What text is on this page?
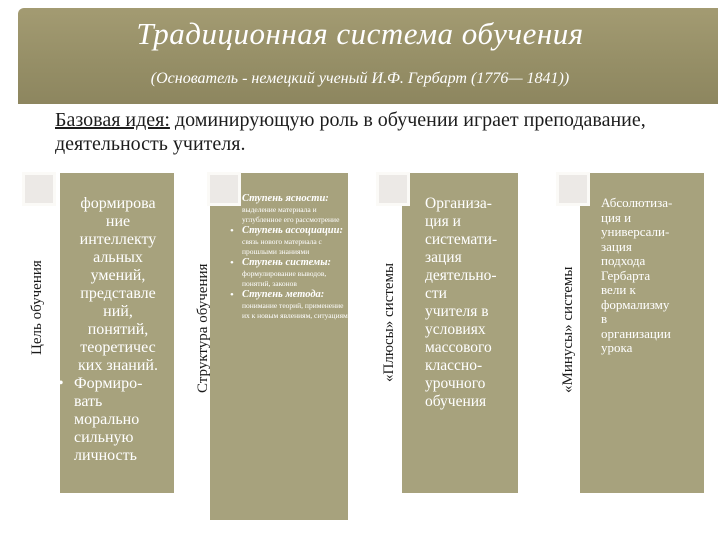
Традиционная система обучения
(Основатель - немецкий ученый И.Ф. Гербарт (1776— 1841))
Базовая идея: доминирующую роль в обучении играет преподавание, деятельность учителя.
Цель обучения
формирова
ние
интеллекту
альных
умений,
представле
ний,
понятий,
теоретичес
ких знаний.
• Формиро-
вать
морально
сильную
личность
Структура обучения
Ступень ясности:
выделение материала и углубленное его рассмотрение
• Ступень ассоциации:
связь нового материала с прошлыми знаниями
• Ступень системы:
формулирование выводов, понятий, законов
• Ступень метода:
понимание теорий, применение их к новым явлениям, ситуациям. «Плюсы» системы
Организа-
ция и
системати-
зация
деятельно-
сти
учителя в
условиях
массового
классно-
урочного
обучения
«Минусы» системы
Абсолютиза-
ция и
универсали-
зация
подхода
Гербарта
вели к
формализму
в
организации
урока
